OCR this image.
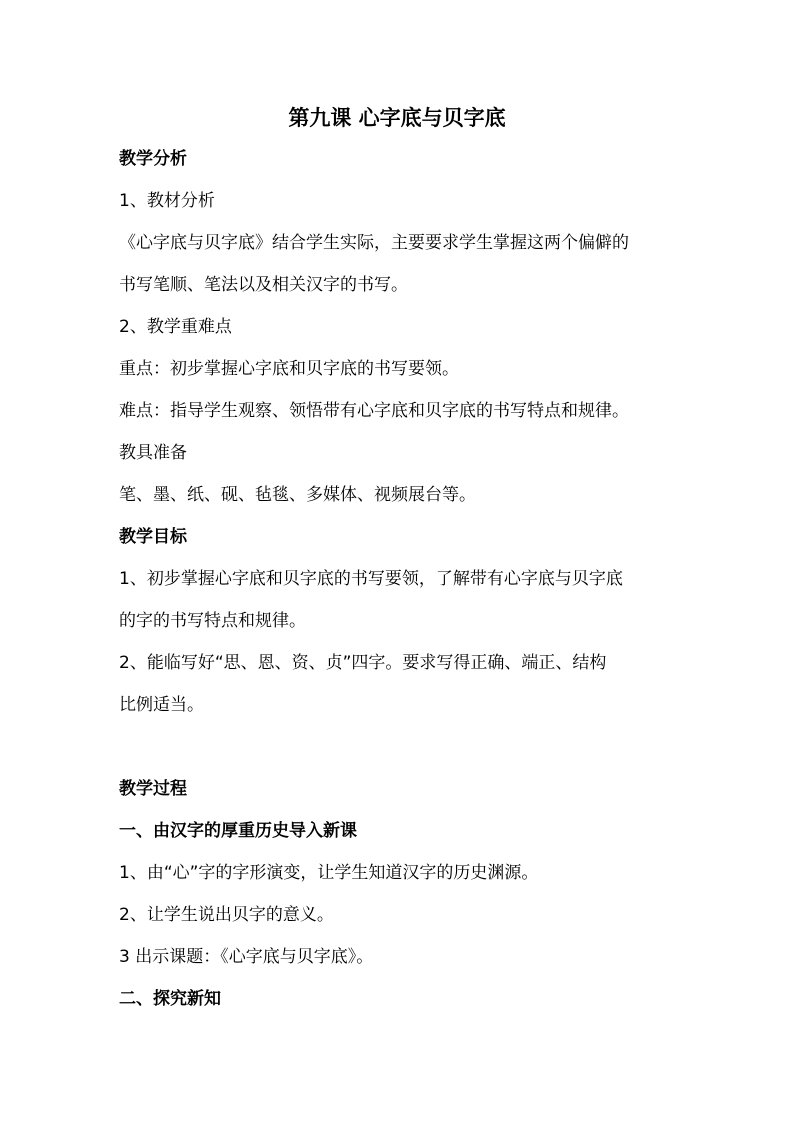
第九课 心字底与贝字底
教学分析
1、教材分析
《心字底与贝字底》结合学生实际，主要要求学生掌握这两个偏僻的
书写笔顺、笔法以及相关汉字的书写。
2、教学重难点
重点：初步掌握心字底和贝字底的书写要领。
难点：指导学生观察、领悟带有心字底和贝字底的书写特点和规律。
教具准备
笔、墨、纸、砚、毡毯、多媒体、视频展台等。
教学目标
1、初步掌握心字底和贝字底的书写要领，了解带有心字底与贝字底
的字的书写特点和规律。
2、能临写好“思、恩、资、贞”四字。要求写得正确、端正、结构
比例适当。
教学过程
一、由汉字的厚重历史导入新课
1、由“心”字的字形演变，让学生知道汉字的历史渊源。
2、让学生说出贝字的意义。
3 出示课题：《心字底与贝字底》。
二、探究新知
